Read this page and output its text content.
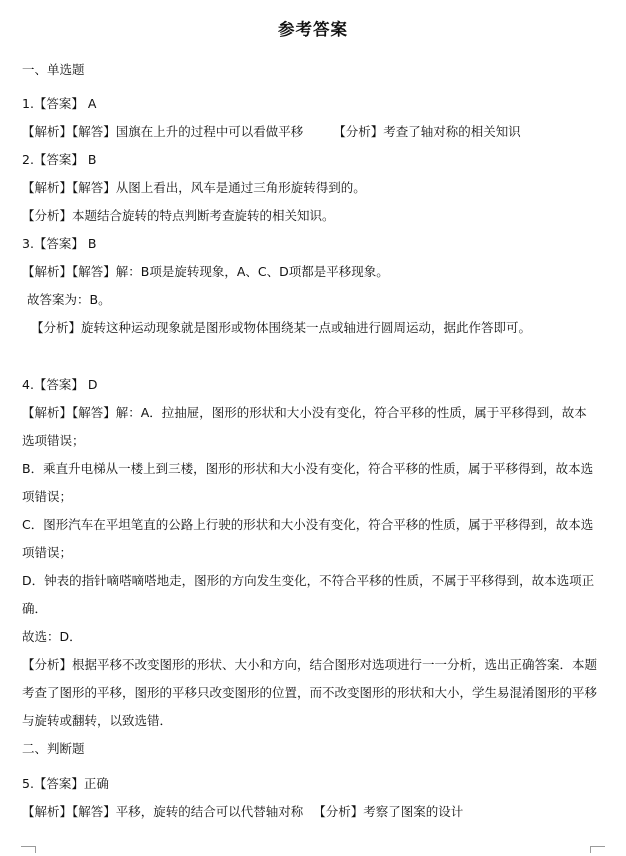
参考答案
一、单选题
1.【答案】 A
【解析】【解答】国旗在上升的过程中可以看做平移 【分析】考查了轴对称的相关知识
2.【答案】 B
【解析】【解答】从图上看出，风车是通过三角形旋转得到的。
【分析】本题结合旋转的特点判断考查旋转的相关知识。
3.【答案】 B
【解析】【解答】解：B项是旋转现象，A、C、D项都是平移现象。
故答案为：B。
【分析】旋转这种运动现象就是图形或物体围绕某一点或轴进行圆周运动，据此作答即可。
4.【答案】 D
【解析】【解答】解：A．拉抽屉，图形的形状和大小没有变化，符合平移的性质，属于平移得到，故本
选项错误；
B．乘直升电梯从一楼上到三楼，图形的形状和大小没有变化，符合平移的性质，属于平移得到，故本选
项错误；
C．图形汽车在平坦笔直的公路上行驶的形状和大小没有变化，符合平移的性质，属于平移得到，故本选
项错误；
D．钟表的指针嘀嗒嘀嗒地走，图形的方向发生变化，不符合平移的性质，不属于平移得到，故本选项正
确．
故选：D．
【分析】根据平移不改变图形的形状、大小和方向，结合图形对选项进行一一分析，选出正确答案．本题
考查了图形的平移，图形的平移只改变图形的位置，而不改变图形的形状和大小，学生易混淆图形的平移
与旋转或翻转，以致选错．
二、判断题
5.【答案】正确
【解析】【解答】平移，旋转的结合可以代替轴对称 【分析】考察了图案的设计
